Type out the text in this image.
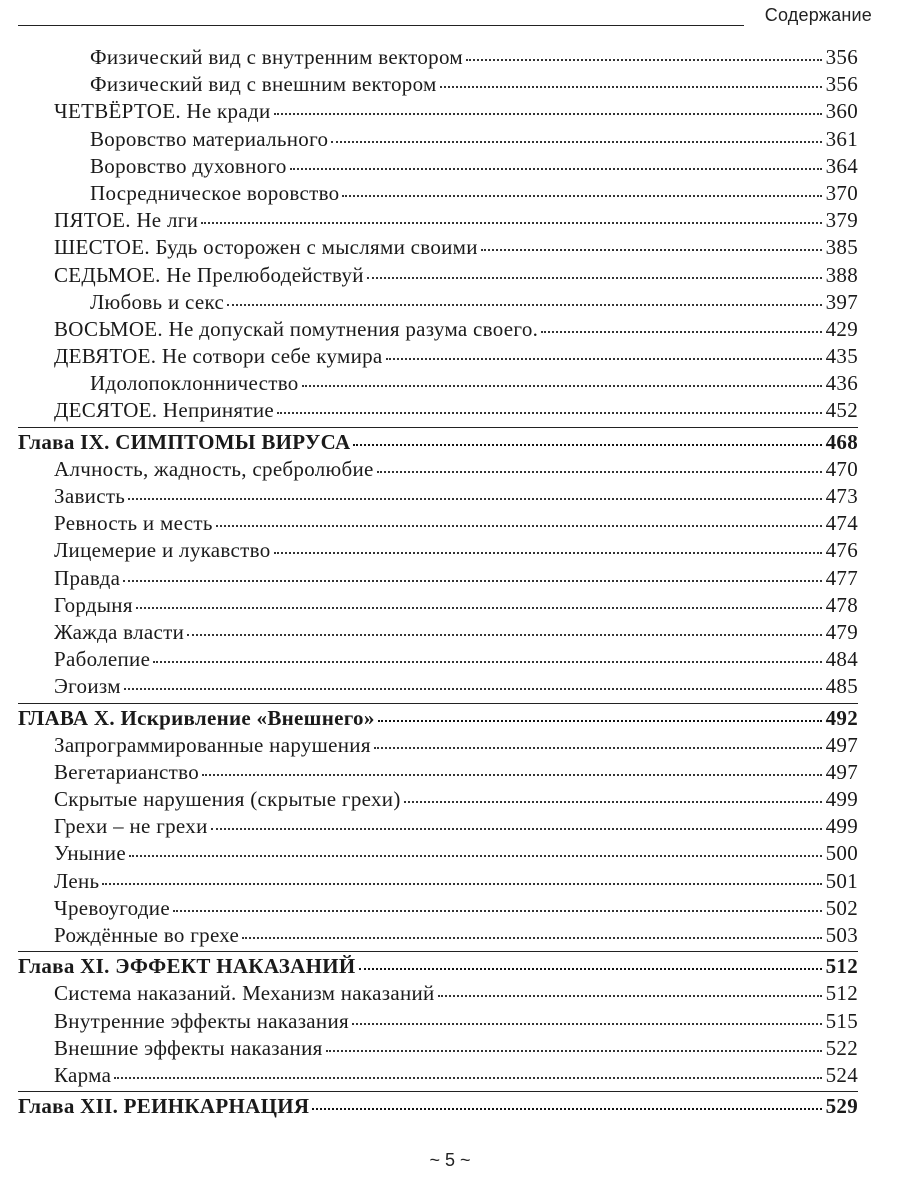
Содержание
Физический вид с внутренним вектором	356
Физический вид с внешним вектором	356
ЧЕТВЁРТОЕ. Не кради	360
Воровство материального	361
Воровство духовного	364
Посредническое воровство	370
ПЯТОЕ. Не лги	379
ШЕСТОЕ. Будь осторожен с мыслями своими	385
СЕДЬМОЕ. Не Прелюбодействуй	388
Любовь и секс	397
ВОСЬМОЕ. Не допускай помутнения разума своего.	429
ДЕВЯТОЕ. Не сотвори себе кумира	435
Идолопоклонничество	436
ДЕСЯТОЕ. Непринятие	452
Глава IX. СИМПТОМЫ ВИРУСА	468
Алчность, жадность, сребролюбие	470
Зависть	473
Ревность и месть	474
Лицемерие и лукавство	476
Правда	477
Гордыня	478
Жажда власти	479
Раболепие	484
Эгоизм	485
ГЛАВА X. Искривление «Внешнего»	492
Запрограммированные нарушения	497
Вегетарианство	497
Скрытые нарушения (скрытые грехи)	499
Грехи – не грехи	499
Уныние	500
Лень	501
Чревоугодие	502
Рождённые во грехе	503
Глава XI. ЭФФЕКТ НАКАЗАНИЙ	512
Система наказаний. Механизм наказаний	512
Внутренние эффекты наказания	515
Внешние эффекты наказания	522
Карма	524
Глава XII. РЕИНКАРНАЦИЯ	529
~ 5 ~
